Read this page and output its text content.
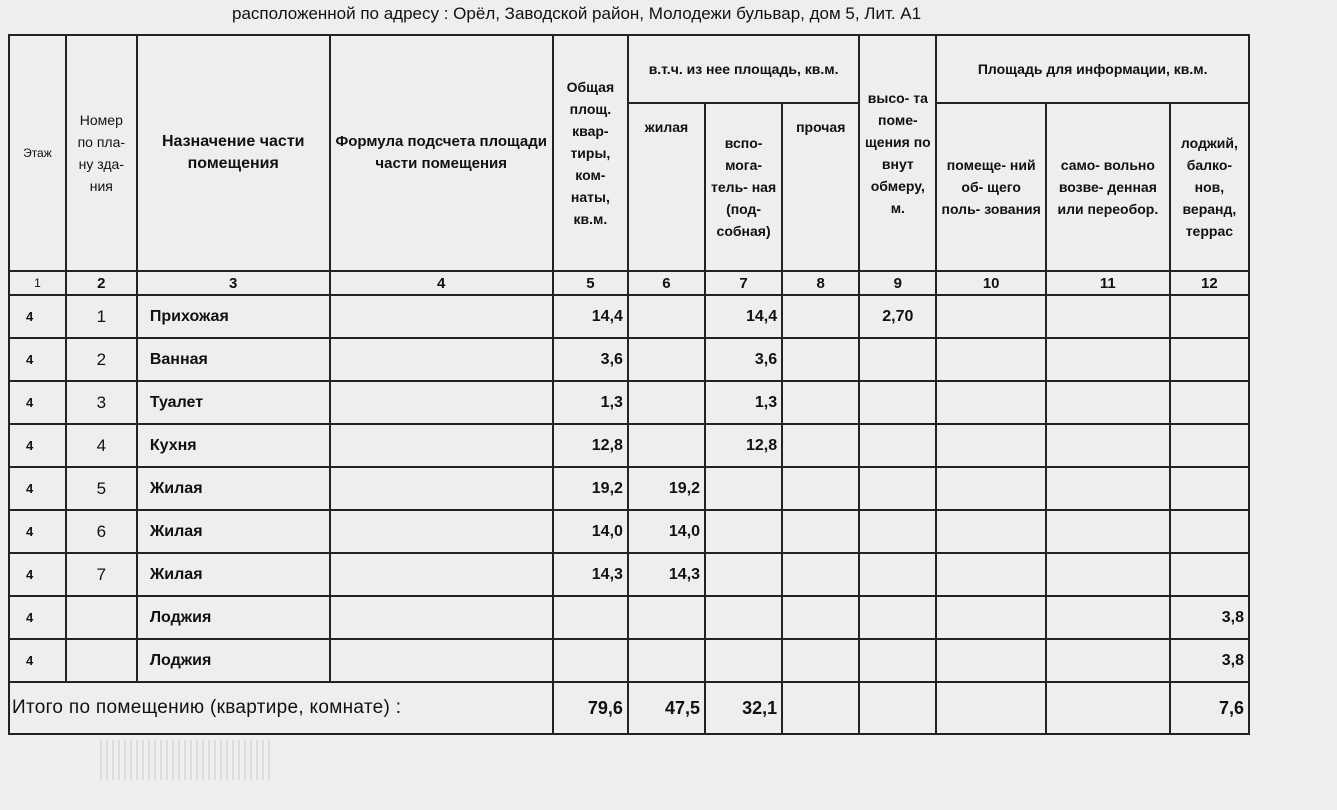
расположенной по адресу : Орёл, Заводской район, Молодежи бульвар, дом 5, Лит. А1
Этаж	Номер по пла- ну зда- ния	Назначение части помещения	Формула подсчета площади части помещения	Общая площ. квар- тиры, ком- наты, кв.м.	в.т.ч. из нее площадь, кв.м.			высо- та поме- щения по внут обмеру, м.	Площадь для информации, кв.м.		
					жилая	вспо- мога- тель- ная (под- собная)	прочая		помеще- ний об- щего поль- зования	само- вольно возве- денная или переобор.	лоджий, балко- нов, веранд, террас
1	2	3	4	5	6	7	8	9	10	11	12
4	1	Прихожая		14,4		14,4		2,70			
4	2	Ванная		3,6		3,6					
4	3	Туалет		1,3		1,3					
4	4	Кухня		12,8		12,8					
4	5	Жилая		19,2	19,2						
4	6	Жилая		14,0	14,0						
4	7	Жилая		14,3	14,3						
4		Лоджия									3,8
4		Лоджия									3,8
Итого по помещению (квартире, комнате) :				79,6	47,5	32,1					7,6
